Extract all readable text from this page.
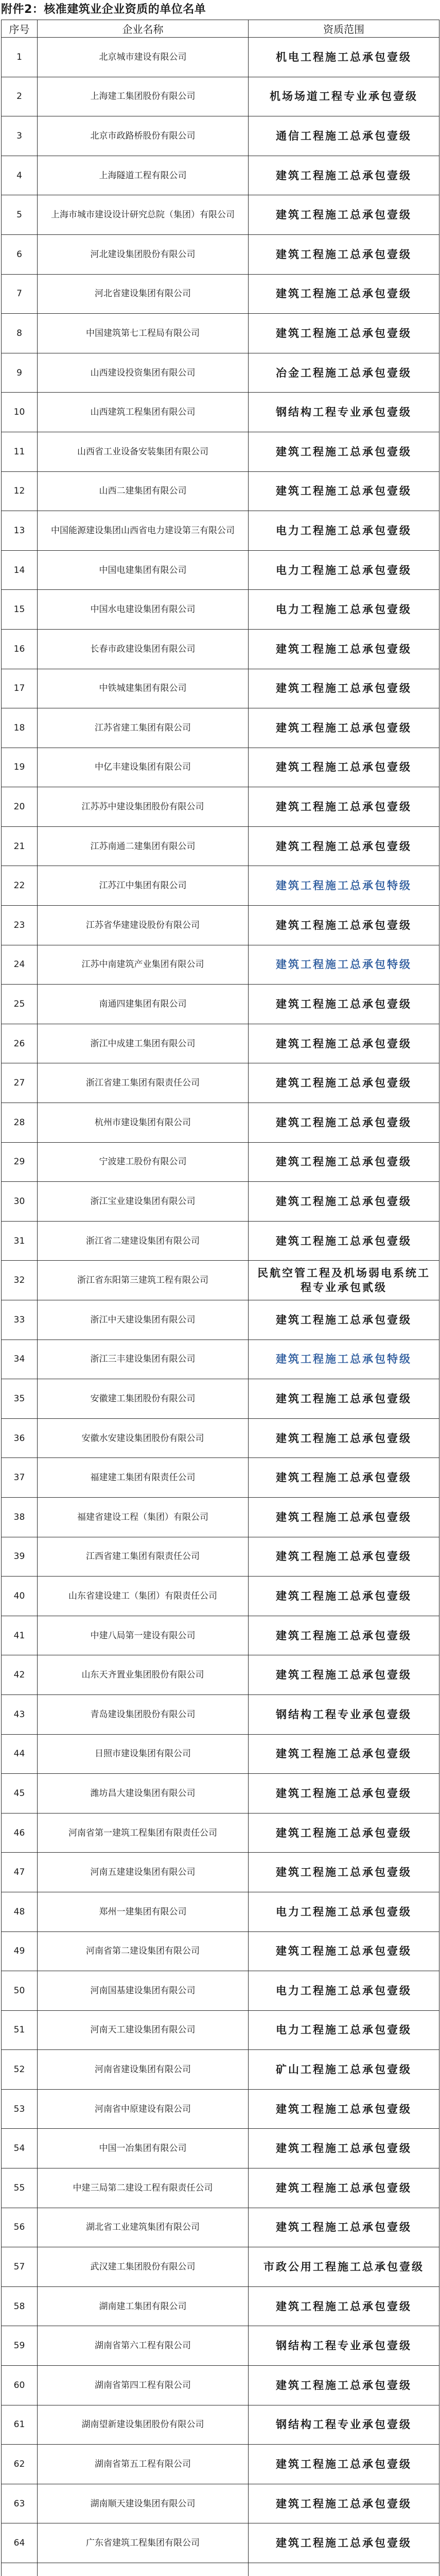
附件2：核准建筑业企业资质的单位名单
序号	企业名称	资质范围
1	北京城市建设有限公司	机电工程施工总承包壹级
2	上海建工集团股份有限公司	机场场道工程专业承包壹级
3	北京市政路桥股份有限公司	通信工程施工总承包壹级
4	上海隧道工程有限公司	建筑工程施工总承包壹级
5	上海市城市建设设计研究总院（集团）有限公司	建筑工程施工总承包壹级
6	河北建设集团股份有限公司	建筑工程施工总承包壹级
7	河北省建设集团有限公司	建筑工程施工总承包壹级
8	中国建筑第七工程局有限公司	建筑工程施工总承包壹级
9	山西建设投资集团有限公司	冶金工程施工总承包壹级
10	山西建筑工程集团有限公司	钢结构工程专业承包壹级
11	山西省工业设备安装集团有限公司	建筑工程施工总承包壹级
12	山西二建集团有限公司	建筑工程施工总承包壹级
13	中国能源建设集团山西省电力建设第三有限公司	电力工程施工总承包壹级
14	中国电建集团有限公司	电力工程施工总承包壹级
15	中国水电建设集团有限公司	电力工程施工总承包壹级
16	长春市政建设集团有限公司	建筑工程施工总承包壹级
17	中铁城建集团有限公司	建筑工程施工总承包壹级
18	江苏省建工集团有限公司	建筑工程施工总承包壹级
19	中亿丰建设集团有限公司	建筑工程施工总承包壹级
20	江苏苏中建设集团股份有限公司	建筑工程施工总承包壹级
21	江苏南通二建集团有限公司	建筑工程施工总承包壹级
22	江苏江中集团有限公司	建筑工程施工总承包特级
23	江苏省华建建设股份有限公司	建筑工程施工总承包壹级
24	江苏中南建筑产业集团有限公司	建筑工程施工总承包特级
25	南通四建集团有限公司	建筑工程施工总承包壹级
26	浙江中成建工集团有限公司	建筑工程施工总承包壹级
27	浙江省建工集团有限责任公司	建筑工程施工总承包壹级
28	杭州市建设集团有限公司	建筑工程施工总承包壹级
29	宁波建工股份有限公司	建筑工程施工总承包壹级
30	浙江宝业建设集团有限公司	建筑工程施工总承包壹级
31	浙江省二建建设集团有限公司	建筑工程施工总承包壹级
32	浙江省东阳第三建筑工程有限公司	民航空管工程及机场弱电系统工程专业承包贰级
33	浙江中天建设集团有限公司	建筑工程施工总承包壹级
34	浙江三丰建设集团有限公司	建筑工程施工总承包特级
35	安徽建工集团股份有限公司	建筑工程施工总承包壹级
36	安徽水安建设集团股份有限公司	建筑工程施工总承包壹级
37	福建建工集团有限责任公司	建筑工程施工总承包壹级
38	福建省建设工程（集团）有限公司	建筑工程施工总承包壹级
39	江西省建工集团有限责任公司	建筑工程施工总承包壹级
40	山东省建设建工（集团）有限责任公司	建筑工程施工总承包壹级
41	中建八局第一建设有限公司	建筑工程施工总承包壹级
42	山东天齐置业集团股份有限公司	建筑工程施工总承包壹级
43	青岛建设集团股份有限公司	钢结构工程专业承包壹级
44	日照市建设集团有限公司	建筑工程施工总承包壹级
45	潍坊昌大建设集团有限公司	建筑工程施工总承包壹级
46	河南省第一建筑工程集团有限责任公司	建筑工程施工总承包壹级
47	河南五建建设集团有限公司	建筑工程施工总承包壹级
48	郑州一建集团有限公司	电力工程施工总承包壹级
49	河南省第二建设集团有限公司	建筑工程施工总承包壹级
50	河南国基建设集团有限公司	电力工程施工总承包壹级
51	河南天工建设集团有限公司	电力工程施工总承包壹级
52	河南省建设集团有限公司	矿山工程施工总承包壹级
53	河南省中原建设有限公司	建筑工程施工总承包壹级
54	中国一冶集团有限公司	建筑工程施工总承包壹级
55	中建三局第二建设工程有限责任公司	建筑工程施工总承包壹级
56	湖北省工业建筑集团有限公司	建筑工程施工总承包壹级
57	武汉建工集团股份有限公司	市政公用工程施工总承包壹级
58	湖南建工集团有限公司	建筑工程施工总承包壹级
59	湖南省第六工程有限公司	钢结构工程专业承包壹级
60	湖南省第四工程有限公司	建筑工程施工总承包壹级
61	湖南望新建设集团股份有限公司	钢结构工程专业承包壹级
62	湖南省第五工程有限公司	建筑工程施工总承包壹级
63	湖南顺天建设集团有限公司	建筑工程施工总承包壹级
64	广东省建筑工程集团有限公司	建筑工程施工总承包壹级
